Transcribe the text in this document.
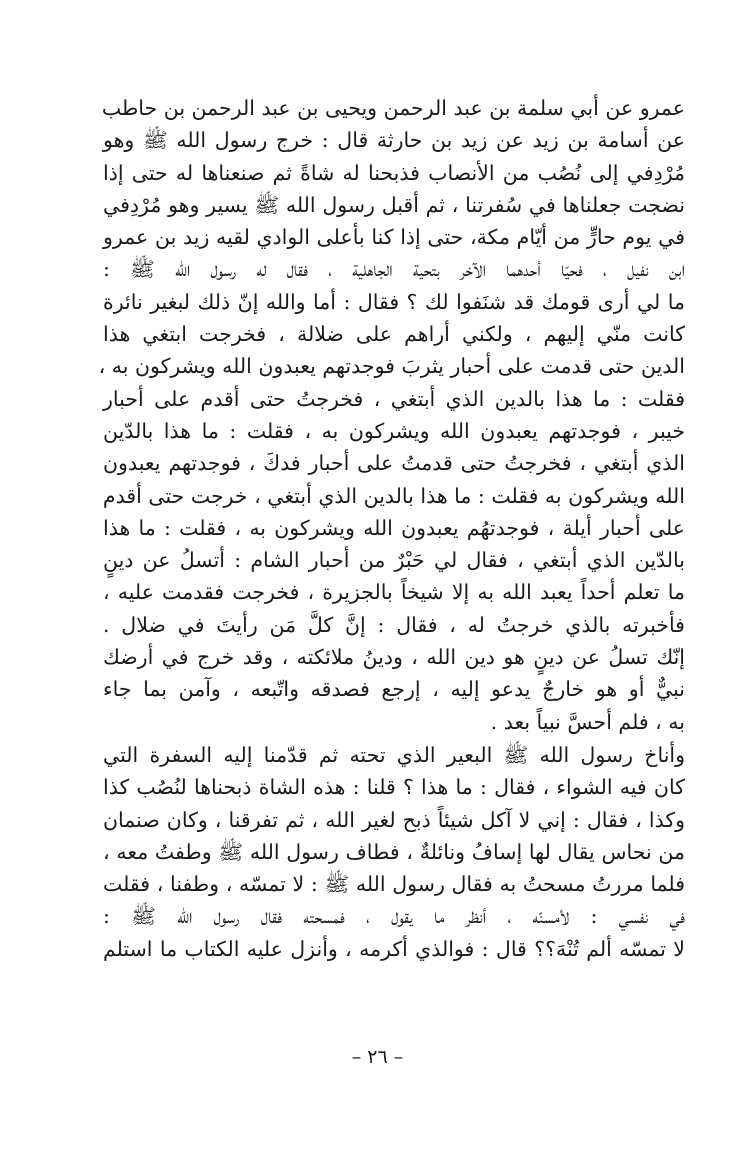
عمرو عن أبي سلمة بن عبد الرحمن ويحيى بن عبد الرحمن بن حاطب
عن أسامة بن زيد عن زيد بن حارثة قال : خرج رسول الله ﷺ وهو
مُرْدِفي إلى نُصُب من الأنصاب فذبحنا له شاةً ثم صنعناها له حتى إذا
نضجت جعلناها في سُفرتنا ، ثم أقبل رسول الله ﷺ يسير وهو مُرْدِفي
في يوم حارٍّ من أيّام مكة، حتى إذا كنا بأعلى الوادي لقيه زيد بن عمرو
ابن نفيل ، فحيّا أحدهما الآخر بتحية الجاهلية ، فقال له رسول الله ﷺ :
ما لي أرى قومك قد شنَفوا لك ؟ فقال : أما والله إنّ ذلك لبغير نائرة
كانت منّي إليهم ، ولكني أراهم على ضلالة ، فخرجت ابتغي هذا
الدين حتى قدمت على أحبار يثربَ فوجدتهم يعبدون الله ويشركون به ،
فقلت : ما هذا بالدين الذي أبتغي ، فخرجتُ حتى أقدم على أحبار
خيبر ، فوجدتهم يعبدون الله ويشركون به ، فقلت : ما هذا بالدّين
الذي أبتغي ، فخرجتُ حتى قدمتُ على أحبار فدكَ ، فوجدتهم يعبدون
الله ويشركون به فقلت : ما هذا بالدين الذي أبتغي ، خرجت حتى أقدم
على أحبار أيلة ، فوجدتهُم يعبدون الله ويشركون به ، فقلت : ما هذا
بالدّين الذي أبتغي ، فقال لي حَبْرٌ من أحبار الشام : أتسلُ عن دينٍ
ما تعلم أحداً يعبد الله به إلا شيخاً بالجزيرة ، فخرجت فقدمت عليه ،
فأخبرته بالذي خرجتُ له ، فقال : إنَّ كلَّ مَن رأيتَ في ضلال .
إنّك تسلُ عن دينٍ هو دين الله ، ودينُ ملائكته ، وقد خرج في أرضك
نبيٌّ أو هو خارجٌ يدعو إليه ، إرجع فصدقه واتّبعه ، وآمن بما جاء
به ، فلم أحسَّ نبياً بعد .
وأناخ رسول الله ﷺ البعير الذي تحته ثم قدّمنا إليه السفرة التي
كان فيه الشواء ، فقال : ما هذا ؟ قلنا : هذه الشاة ذبحناها لنُصُب كذا
وكذا ، فقال : إني لا آكل شيئاً ذبح لغير الله ، ثم تفرقنا ، وكان صنمان
من نحاس يقال لها إسافُ ونائلةٌ ، فطاف رسول الله ﷺ وطفتُ معه ،
فلما مررتُ مسحتُ به فقال رسول الله ﷺ : لا تمسّه ، وطفنا ، فقلت
في نفسي : لأمسنّه ، أنظر ما يقول ، فمسحته فقال رسول الله ﷺ :
لا تمسّه ألم تُنْهَ؟؟ قال : فوالذي أكرمه ، وأنزل عليه الكتاب ما استلم
– ٢٦ –
